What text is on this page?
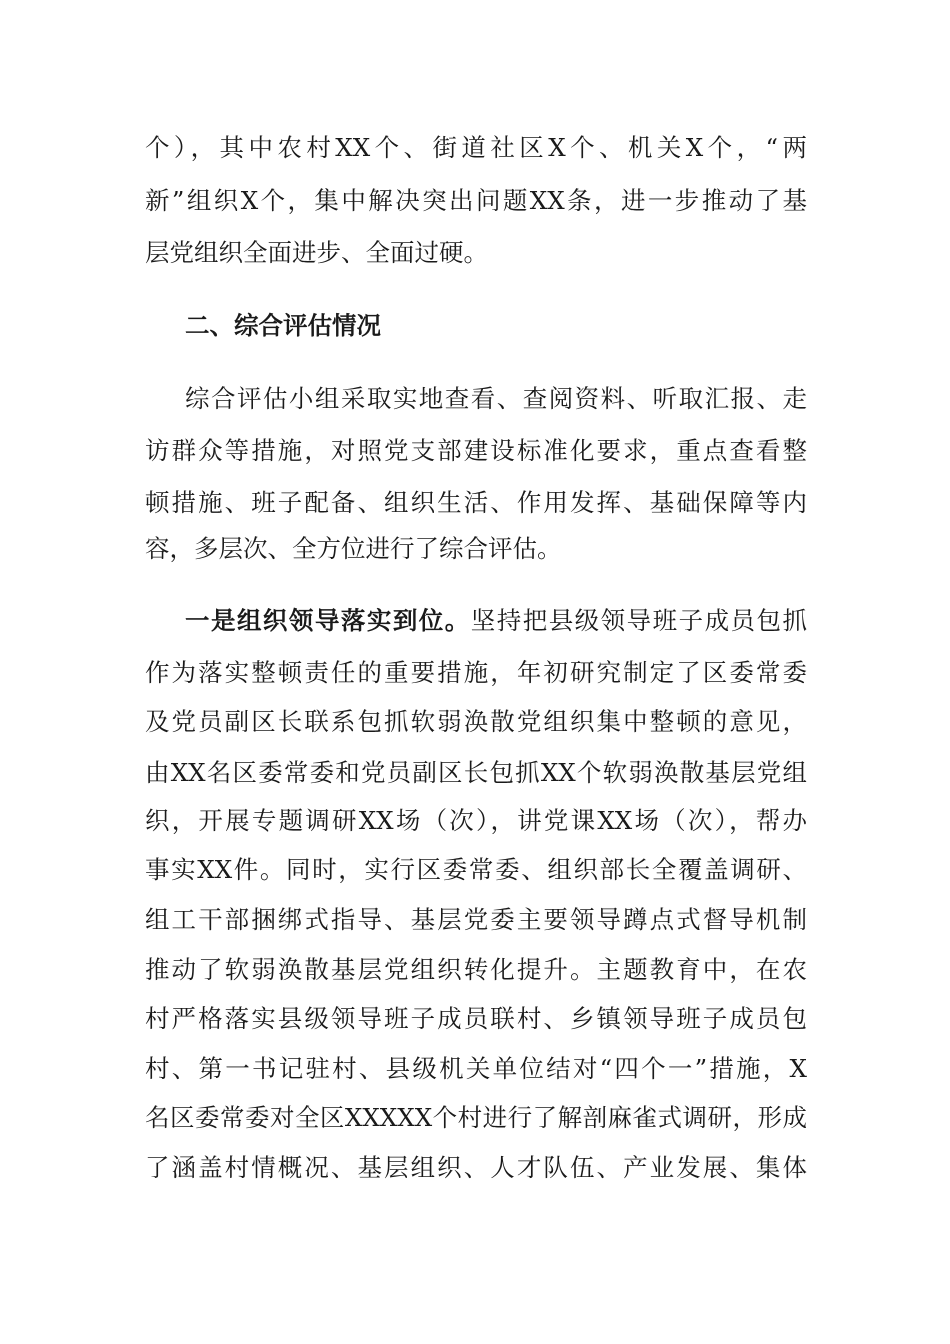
个），其中农村XX个、街道社区X个、机关X个，“两
新”组织X个，集中解决突出问题XX条，进一步推动了基
层党组织全面进步、全面过硬。
二、综合评估情况
综合评估小组采取实地查看、查阅资料、听取汇报、走
访群众等措施，对照党支部建设标准化要求，重点查看整
顿措施、班子配备、组织生活、作用发挥、基础保障等内
容，多层次、全方位进行了综合评估。
一是组织领导落实到位。坚持把县级领导班子成员包抓
作为落实整顿责任的重要措施，年初研究制定了区委常委
及党员副区长联系包抓软弱涣散党组织集中整顿的意见，
由XX名区委常委和党员副区长包抓XX个软弱涣散基层党组
织，开展专题调研XX场（次），讲党课XX场（次），帮办
事实XX件。同时，实行区委常委、组织部长全覆盖调研、
组工干部捆绑式指导、基层党委主要领导蹲点式督导机制
推动了软弱涣散基层党组织转化提升。主题教育中，在农
村严格落实县级领导班子成员联村、乡镇领导班子成员包
村、第一书记驻村、县级机关单位结对“四个一”措施，X
名区委常委对全区XXXXX个村进行了解剖麻雀式调研，形成
了涵盖村情概况、基层组织、人才队伍、产业发展、集体
